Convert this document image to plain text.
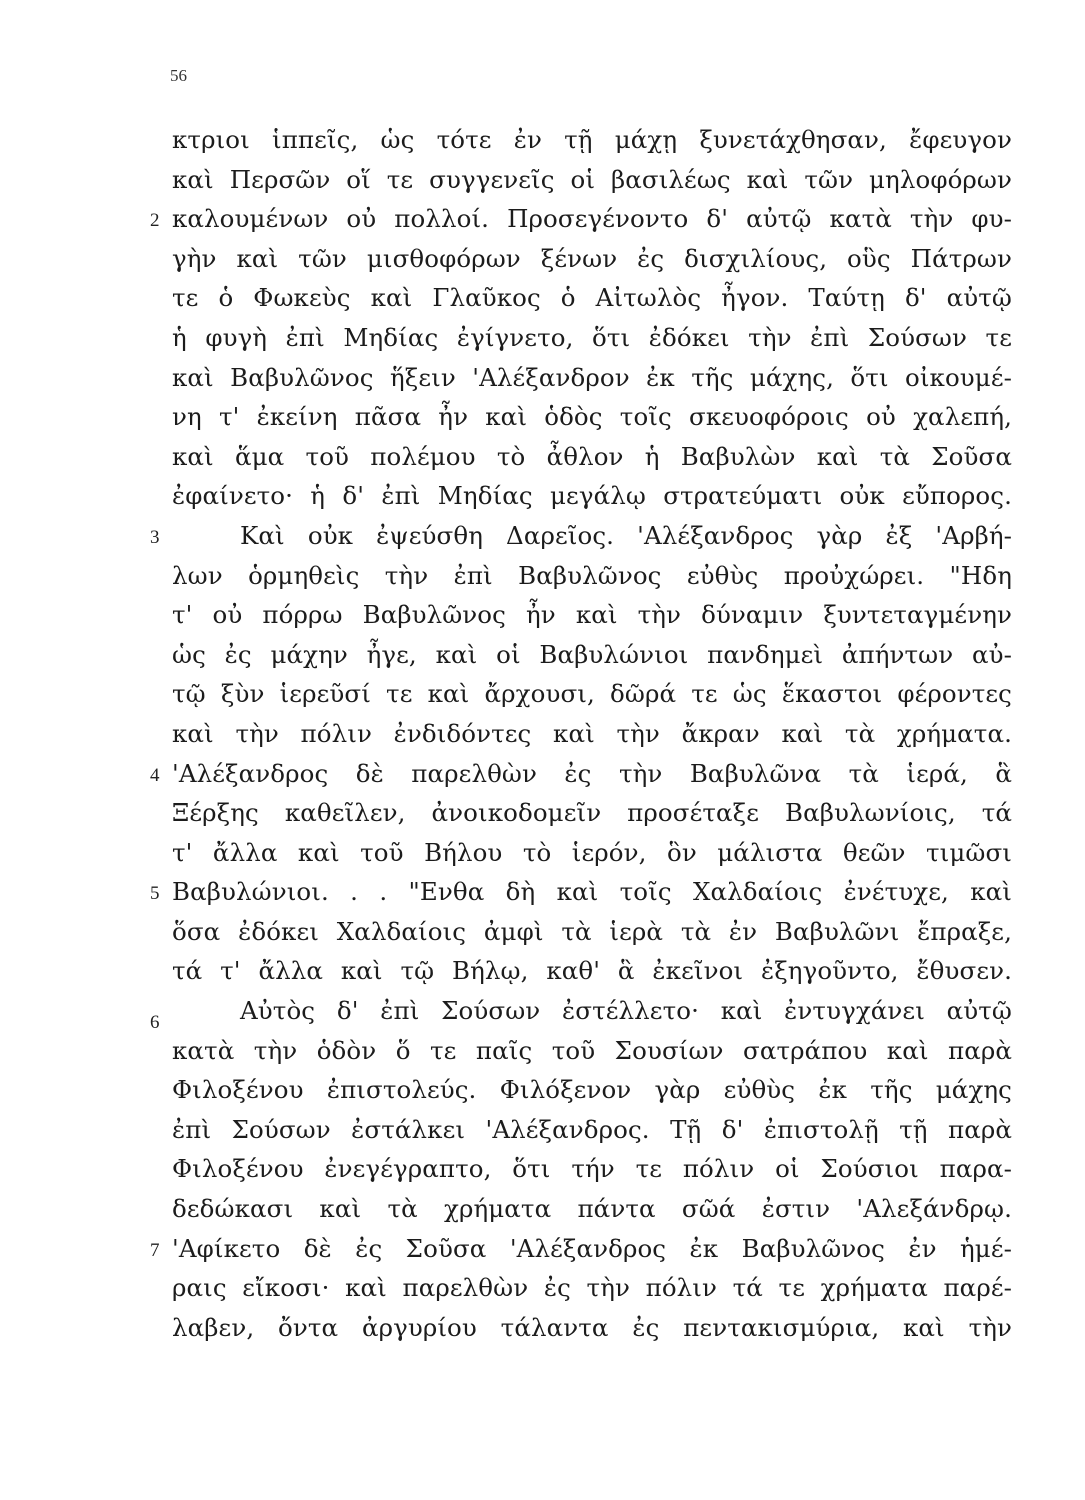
56
κτριοι ἱππεῖς, ὡς τότε ἐν τῇ μάχῃ ξυνετάχθησαν, ἔφευγον
καὶ Περσῶν οἵ τε συγγενεῖς οἱ βασιλέως καὶ τῶν μηλοφόρων
2 καλουμένων οὐ πολλοί. Προσεγένοντο δ' αὐτῷ κατὰ τὴν φυ-
γὴν καὶ τῶν μισθοφόρων ξένων ἐς δισχιλίους, οὓς Πάτρων
τε ὁ Φωκεὺς καὶ Γλαῦκος ὁ Αἰτωλὸς ἦγον. Ταύτῃ δ' αὐτῷ
ἡ φυγὴ ἐπὶ Μηδίας ἐγίγνετο, ὅτι ἐδόκει τὴν ἐπὶ Σούσων τε
καὶ Βαβυλῶνος ἥξειν 'Αλέξανδρον ἐκ τῆς μάχης, ὅτι οἰκουμέ-
νη τ' ἐκείνη πᾶσα ἦν καὶ ὁδὸς τοῖς σκευοφόροις οὐ χαλεπή,
καὶ ἅμα τοῦ πολέμου τὸ ἆθλον ἡ Βαβυλὼν καὶ τὰ Σοῦσα
ἐφαίνετο· ἡ δ' ἐπὶ Μηδίας μεγάλῳ στρατεύματι οὐκ εὔπορος.
3	Καὶ οὐκ ἐψεύσθη Δαρεῖος. 'Αλέξανδρος γὰρ ἐξ 'Αρβή-
λων ὁρμηθεὶς τὴν ἐπὶ Βαβυλῶνος εὐθὺς προὐχώρει. "Ηδη
τ' οὐ πόρρω Βαβυλῶνος ἦν καὶ τὴν δύναμιν ξυντεταγμένην
ὡς ἐς μάχην ἦγε, καὶ οἱ Βαβυλώνιοι πανδημεὶ ἀπήντων αὐ-
τῷ ξὺν ἱερεῦσί τε καὶ ἄρχουσι, δῶρά τε ὡς ἕκαστοι φέροντες
καὶ τὴν πόλιν ἐνδιδόντες καὶ τὴν ἄκραν καὶ τὰ χρήματα.
4 'Αλέξανδρος δὲ παρελθὼν ἐς τὴν Βαβυλῶνα τὰ ἱερά, ἃ
Ξέρξης καθεῖλεν, ἀνοικοδομεῖν προσέταξε Βαβυλωνίοις, τά
τ' ἄλλα καὶ τοῦ Βήλου τὸ ἱερόν, ὃν μάλιστα θεῶν τιμῶσι
5 Βαβυλώνιοι. . . "Ενθα δὴ καὶ τοῖς Χαλδαίοις ἐνέτυχε, καὶ
ὅσα ἐδόκει Χαλδαίοις ἀμφὶ τὰ ἱερὰ τὰ ἐν Βαβυλῶνι ἔπραξε,
τά τ' ἄλλα καὶ τῷ Βήλῳ, καθ' ἃ ἐκεῖνοι ἐξηγοῦντο, ἔθυσεν.
6	Αὐτὸς δ' ἐπὶ Σούσων ἐστέλλετο· καὶ ἐντυγχάνει αὐτῷ
κατὰ τὴν ὁδὸν ὅ τε παῖς τοῦ Σουσίων σατράπου καὶ παρὰ
Φιλοξένου ἐπιστολεύς. Φιλόξενον γὰρ εὐθὺς ἐκ τῆς μάχης
ἐπὶ Σούσων ἐστάλκει 'Αλέξανδρος. Τῇ δ' ἐπιστολῇ τῇ παρὰ
Φιλοξένου ἐνεγέγραπτο, ὅτι τήν τε πόλιν οἱ Σούσιοι παρα-
δεδώκασι καὶ τὰ χρήματα πάντα σῶά ἐστιν 'Αλεξάνδρῳ.
7 'Αφίκετο δὲ ἐς Σοῦσα 'Αλέξανδρος ἐκ Βαβυλῶνος ἐν ἡμέ-
ραις εἴκοσι· καὶ παρελθὼν ἐς τὴν πόλιν τά τε χρήματα παρέ-
λαβεν, ὄντα ἀργυρίου τάλαντα ἐς πεντακισμύρια, καὶ τὴν
